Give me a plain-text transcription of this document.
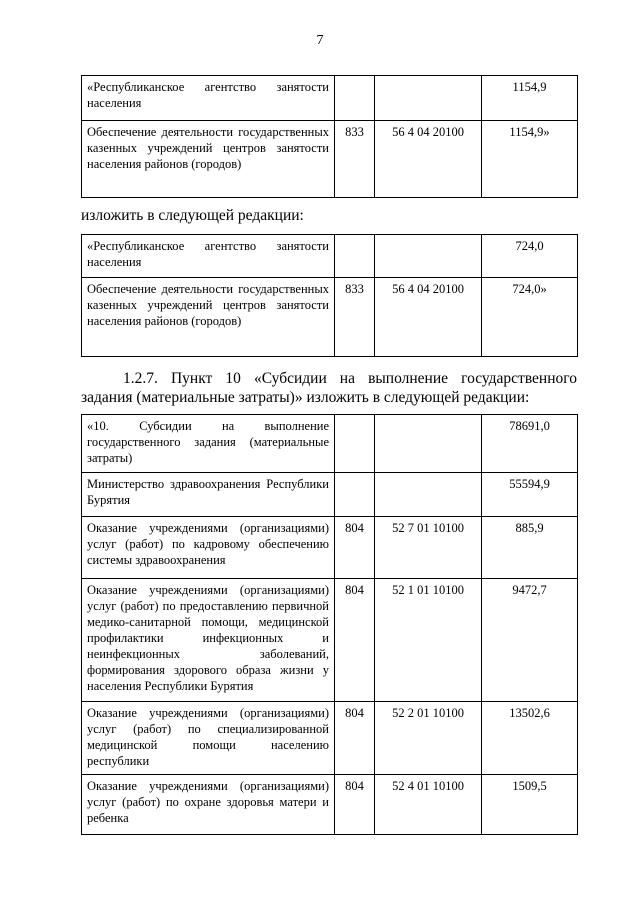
7
«Республиканское агентство занятости населения			1154,9
Обеспечение деятельности государственных казенных учреждений центров занятости населения районов (городов)	833	56 4 04 20100	1154,9»
изложить в следующей редакции:
«Республиканское агентство занятости населения			724,0
Обеспечение деятельности государственных казенных учреждений центров занятости населения районов (городов)	833	56 4 04 20100	724,0»
1.2.7. Пункт 10 «Субсидии на выполнение государственного задания (материальные затраты)» изложить в следующей редакции:
«10. Субсидии на выполнение государственного задания (материальные затраты)			78691,0
Министерство здравоохранения Республики Бурятия			55594,9
Оказание учреждениями (организациями) услуг (работ) по кадровому обеспечению системы здравоохранения	804	52 7 01 10100	885,9
Оказание учреждениями (организациями) услуг (работ) по предоставлению первичной медико-санитарной помощи, медицинской профилактики инфекционных и неинфекционных заболеваний, формирования здорового образа жизни у населения Республики Бурятия	804	52 1 01 10100	9472,7
Оказание учреждениями (организациями) услуг (работ) по специализированной медицинской помощи населению республики	804	52 2 01 10100	13502,6
Оказание учреждениями (организациями) услуг (работ) по охране здоровья матери и ребенка	804	52 4 01 10100	1509,5
